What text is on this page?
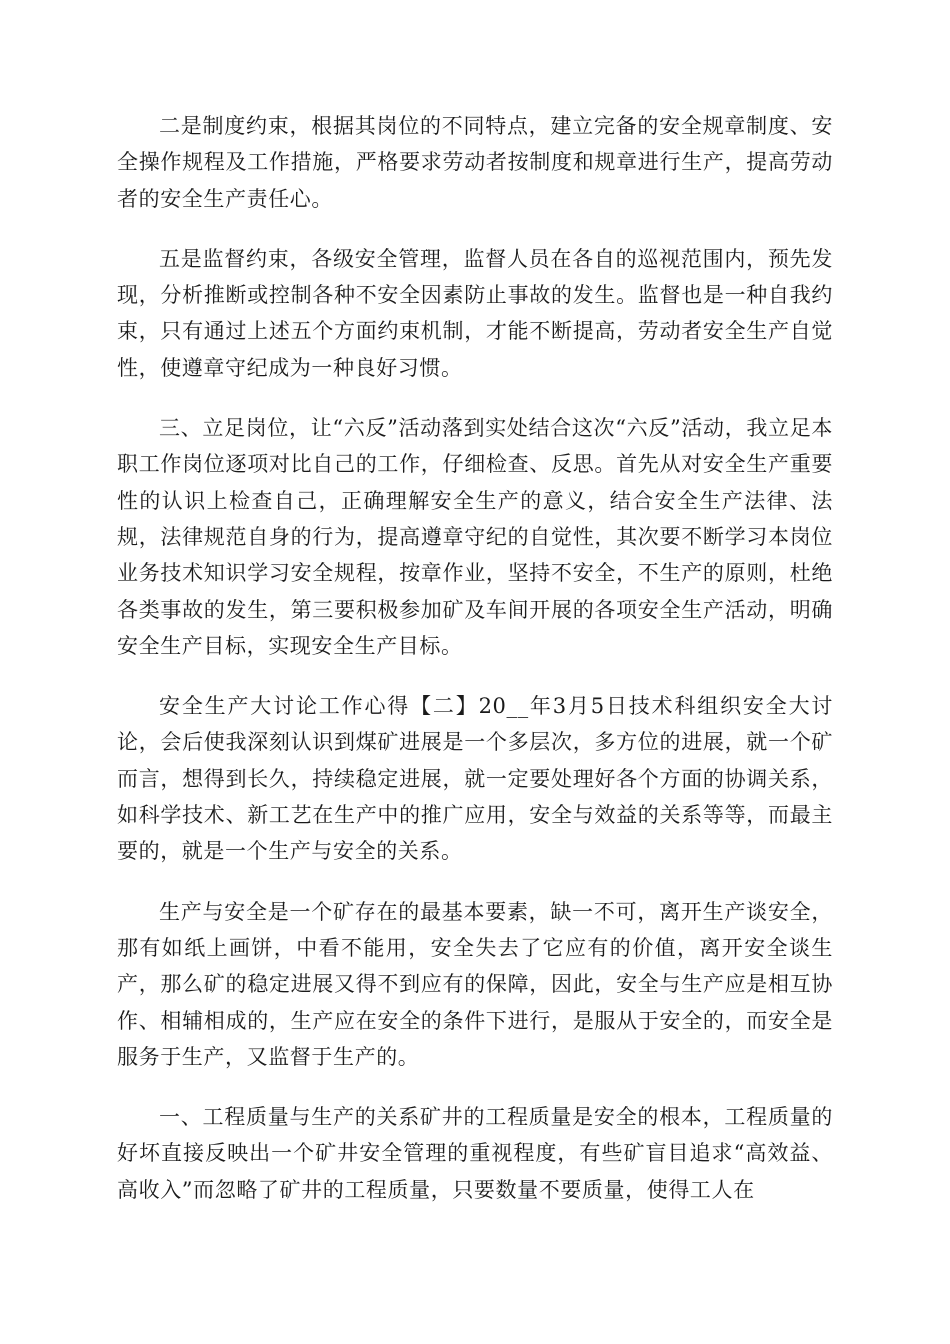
二是制度约束，根据其岗位的不同特点，建立完备的安全规章制度、安全操作规程及工作措施，严格要求劳动者按制度和规章进行生产，提高劳动者的安全生产责任心。

五是监督约束，各级安全管理，监督人员在各自的巡视范围内，预先发现，分析推断或控制各种不安全因素防止事故的发生。监督也是一种自我约束，只有通过上述五个方面约束机制，才能不断提高，劳动者安全生产自觉性，使遵章守纪成为一种良好习惯。

三、立足岗位，让“六反”活动落到实处结合这次“六反”活动，我立足本职工作岗位逐项对比自己的工作，仔细检查、反思。首先从对安全生产重要性的认识上检查自己，正确理解安全生产的意义，结合安全生产法律、法规，法律规范自身的行为，提高遵章守纪的自觉性，其次要不断学习本岗位业务技术知识学习安全规程，按章作业，坚持不安全，不生产的原则，杜绝各类事故的发生，第三要积极参加矿及车间开展的各项安全生产活动，明确安全生产目标，实现安全生产目标。

安全生产大讨论工作心得【二】20__年3月5日技术科组织安全大讨论，会后使我深刻认识到煤矿进展是一个多层次，多方位的进展，就一个矿而言，想得到长久，持续稳定进展，就一定要处理好各个方面的协调关系，如科学技术、新工艺在生产中的推广应用，安全与效益的关系等等，而最主要的，就是一个生产与安全的关系。

生产与安全是一个矿存在的最基本要素，缺一不可，离开生产谈安全，那有如纸上画饼，中看不能用，安全失去了它应有的价值，离开安全谈生产，那么矿的稳定进展又得不到应有的保障，因此，安全与生产应是相互协作、相辅相成的，生产应在安全的条件下进行，是服从于安全的，而安全是服务于生产，又监督于生产的。

一、工程质量与生产的关系矿井的工程质量是安全的根本，工程质量的好坏直接反映出一个矿井安全管理的重视程度，有些矿盲目追求“高效益、高收入”而忽略了矿井的工程质量，只要数量不要质量，使得工人在
